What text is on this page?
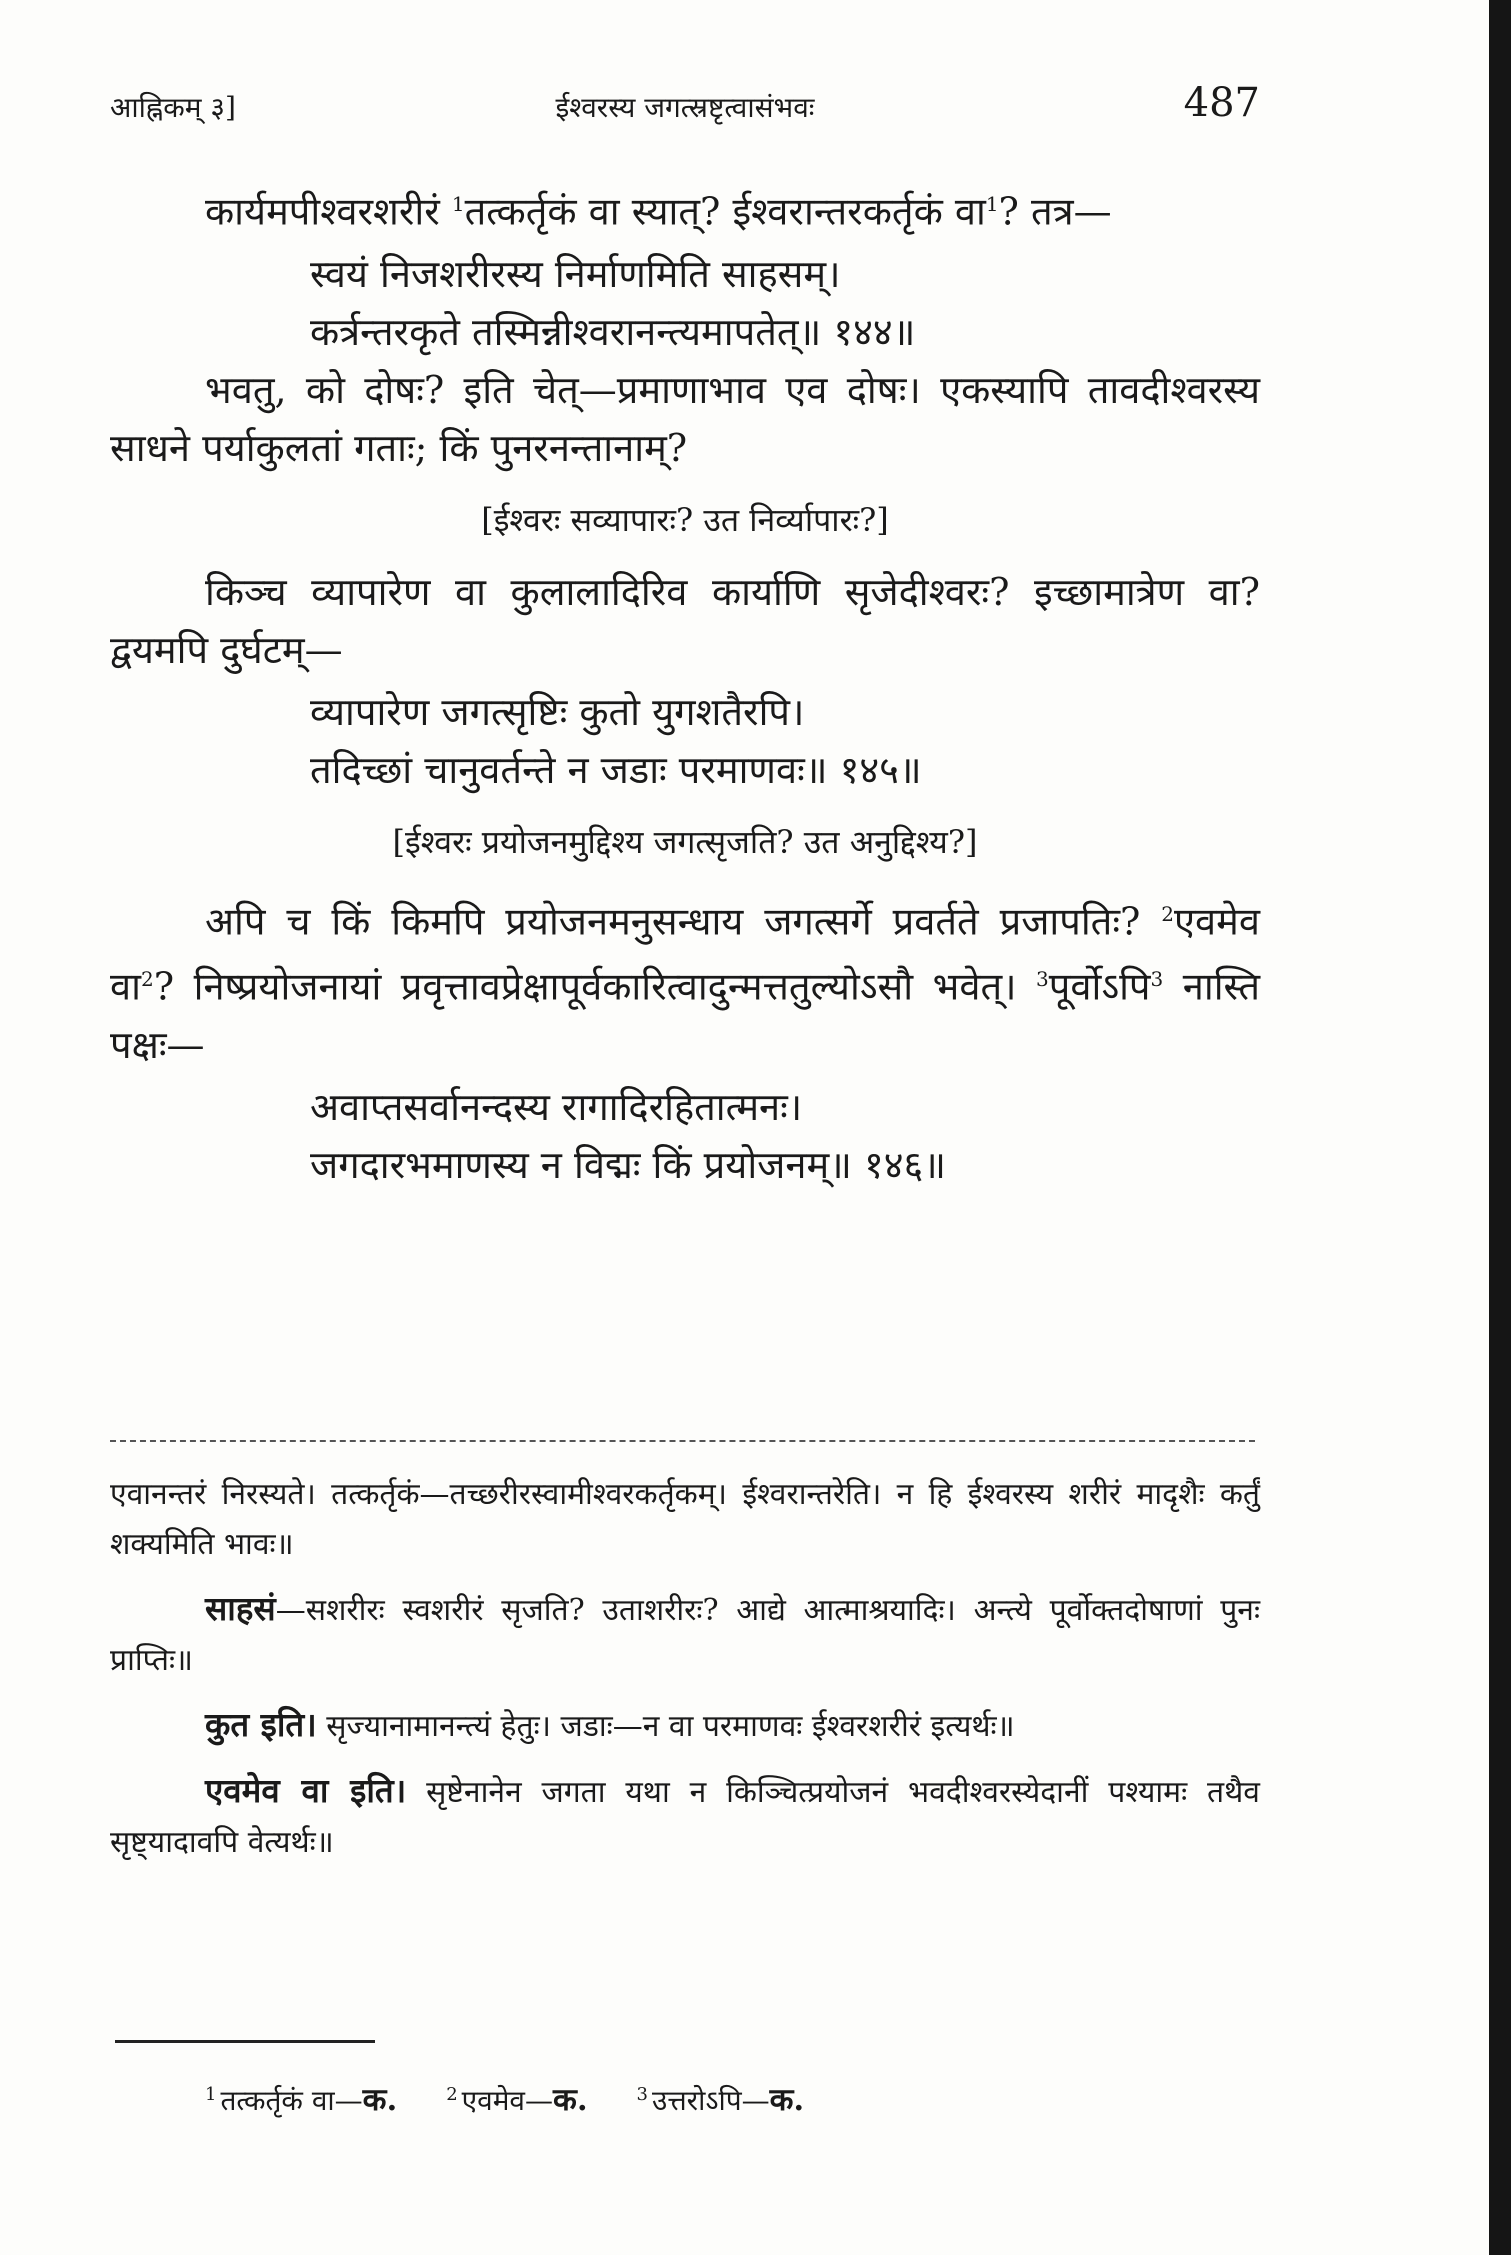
आह्निकम् ३]	ईश्वरस्य जगत्स्रष्टृत्वासंभवः	487

कार्यमपीश्वरशरीरं $^1$तत्कर्तृकं वा स्यात्? ईश्वरान्तरकर्तृकं वा$^1$? तत्र—

स्वयं निजशरीरस्य निर्माणमिति साहसम्।
कर्त्रन्तरकृते तस्मिन्नीश्वरानन्त्यमापतेत्॥ १४४॥

भवतु, को दोषः? इति चेत्—प्रमाणाभाव एव दोषः। एकस्यापि तावदीश्वरस्य साधने पर्याकुलतां गताः; किं पुनरनन्तानाम्?

[ईश्वरः सव्यापारः? उत निर्व्यापारः?]

किञ्च व्यापारेण वा कुलालादिरिव कार्याणि सृजेदीश्वरः? इच्छामात्रेण वा? द्वयमपि दुर्घटम्—

व्यापारेण जगत्सृष्टिः कुतो युगशतैरपि।
तदिच्छां चानुवर्तन्ते न जडाः परमाणवः॥ १४५॥
[ईश्वरः प्रयोजनमुद्दिश्य जगत्सृजति? उत अनुद्दिश्य?]

अपि च किं किमपि प्रयोजनमनुसन्धाय जगत्सर्गे प्रवर्तते प्रजापतिः? $^2$एवमेव वा$^2$? निष्प्रयोजनायां प्रवृत्तावप्रेक्षापूर्वकारित्वादुन्मत्ततुल्योऽसौ भवेत्। $^3$पूर्वोऽपि$^3$ नास्ति पक्षः—

अवाप्तसर्वानन्दस्य रागादिरहितात्मनः।
जगदारभमाणस्य न विद्मः किं प्रयोजनम्॥ १४६॥

एवानन्तरं निरस्यते। तत्कर्तृकं—तच्छरीरस्वामीश्वरकर्तृकम्। ईश्वरान्तरेति। न हि ईश्वरस्य शरीरं मादृशैः कर्तुं शक्यमिति भावः॥

साहसं—सशरीरः स्वशरीरं सृजति? उताशरीरः? आद्ये आत्माश्रयादिः। अन्त्ये पूर्वोक्तदोषाणां पुनः प्राप्तिः॥

कुत इति। सृज्यानामानन्त्यं हेतुः। जडाः—न वा परमाणवः ईश्वरशरीरं इत्यर्थः॥

एवमेव वा इति। सृष्टेनानेन जगता यथा न किञ्चित्प्रयोजनं भवदीश्वरस्येदानीं पश्यामः तथैव सृष्ट्यादावपि वेत्यर्थः॥

$^1$ तत्कर्तृकं वा—क.	$^2$ एवमेव—क.	$^3$ उत्तरोऽपि—क.
